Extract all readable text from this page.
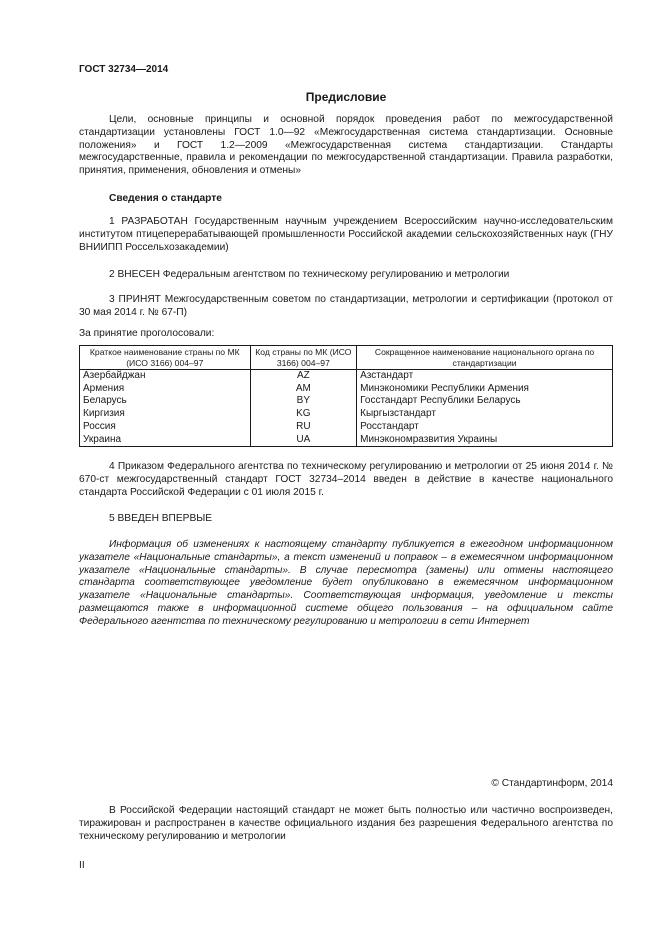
ГОСТ 32734—2014
Предисловие

Цели, основные принципы и основной порядок проведения работ по межгосударственной стандартизации установлены ГОСТ 1.0—92 «Межгосударственная система стандартизации. Основные положения» и ГОСТ 1.2—2009 «Межгосударственная система стандартизации. Стандарты межгосударственные, правила и рекомендации по межгосударственной стандартизации. Правила разработки, принятия, применения, обновления и отмены»

Сведения о стандарте

1 РАЗРАБОТАН Государственным научным учреждением Всероссийским научно-исследовательским институтом птицеперерабатывающей промышленности Российской академии сельскохозяйственных наук (ГНУ ВНИИПП Россельхозакадемии)

2 ВНЕСЕН Федеральным агентством по техническому регулированию и метрологии

3 ПРИНЯТ Межгосударственным советом по стандартизации, метрологии и сертификации (протокол от 30 мая 2014 г. № 67-П)

За принятие проголосовали:

Краткое наименование страны по МК (ИСО 3166) 004–97	Код страны по МК (ИСО 3166) 004–97	Сокращенное наименование национального органа по стандартизации
Азербайджан	AZ	Азстандарт
Армения	AM	Минэкономики Республики Армения
Беларусь	BY	Госстандарт Республики Беларусь
Киргизия	KG	Кыргызстандарт
Россия	RU	Росстандарт
Украина	UA	Минэкономразвития Украины

4 Приказом Федерального агентства по техническому регулированию и метрологии от 25 июня 2014 г. № 670-ст межгосударственный стандарт ГОСТ 32734–2014 введен в действие в качестве национального стандарта Российской Федерации с 01 июля 2015 г.

5 ВВЕДЕН ВПЕРВЫЕ

Информация об изменениях к настоящему стандарту публикуется в ежегодном информационном указателе «Национальные стандарты», а текст изменений и поправок – в ежемесячном информационном указателе «Национальные стандарты». В случае пересмотра (замены) или отмены настоящего стандарта соответствующее уведомление будет опубликовано в ежемесячном информационном указателе «Национальные стандарты». Соответствующая информация, уведомление и тексты размещаются также в информационной системе общего пользования – на официальном сайте Федерального агентства по техническому регулированию и метрологии в сети Интернет

© Стандартинформ, 2014

В Российской Федерации настоящий стандарт не может быть полностью или частично воспроизведен, тиражирован и распространен в качестве официального издания без разрешения Федерального агентства по техническому регулированию и метрологии

II
